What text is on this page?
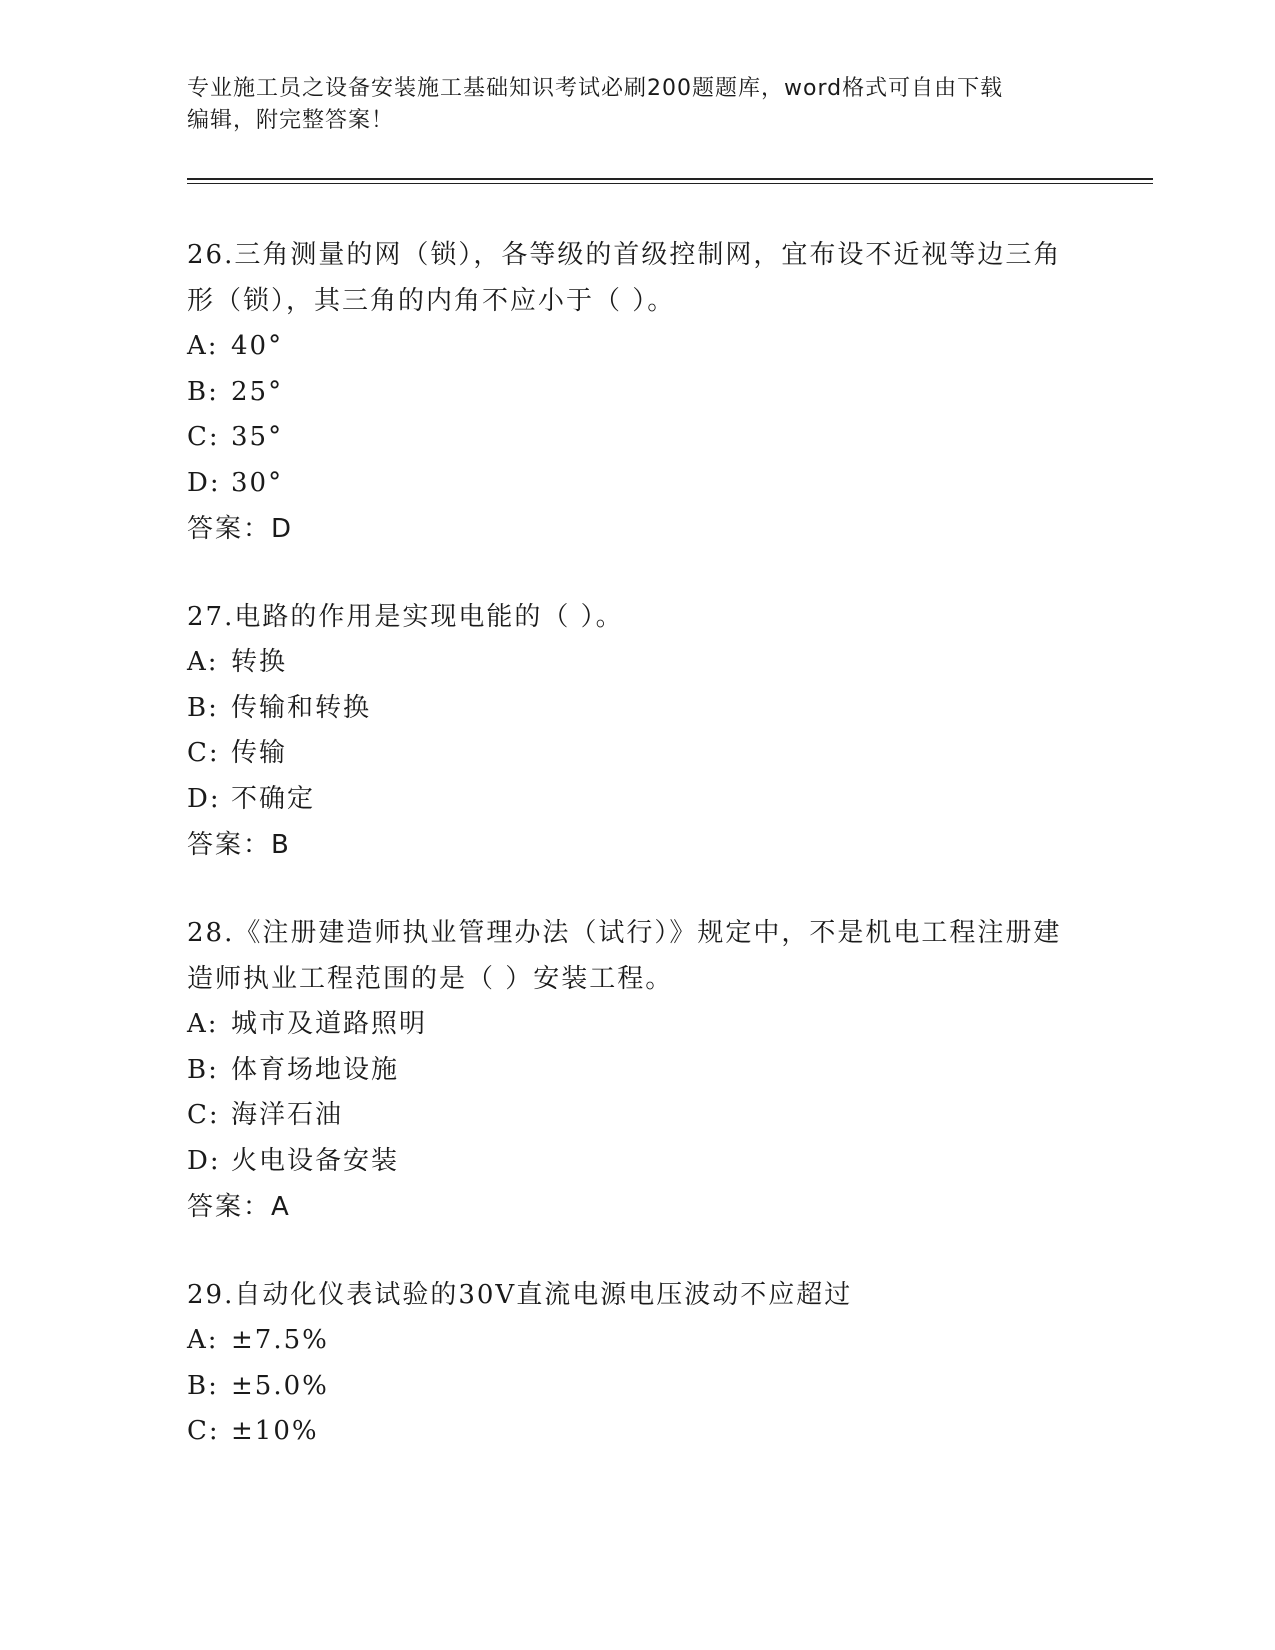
专业施工员之设备安装施工基础知识考试必刷200题题库，word格式可自由下载
编辑，附完整答案！
26.三角测量的网（锁），各等级的首级控制网，宜布设不近视等边三角形（锁），其三角的内角不应小于（ ）。
A: 40°
B: 25°
C: 35°
D: 30°
答案：D
27.电路的作用是实现电能的（ ）。
A: 转换
B: 传输和转换
C: 传输
D: 不确定
答案：B
28.《注册建造师执业管理办法（试行）》规定中，不是机电工程注册建造师执业工程范围的是（ ）安装工程。
A: 城市及道路照明
B: 体育场地设施
C: 海洋石油
D: 火电设备安装
答案：A
29.自动化仪表试验的30V直流电源电压波动不应超过
A: ±7.5%
B: ±5.0%
C: ±10%
